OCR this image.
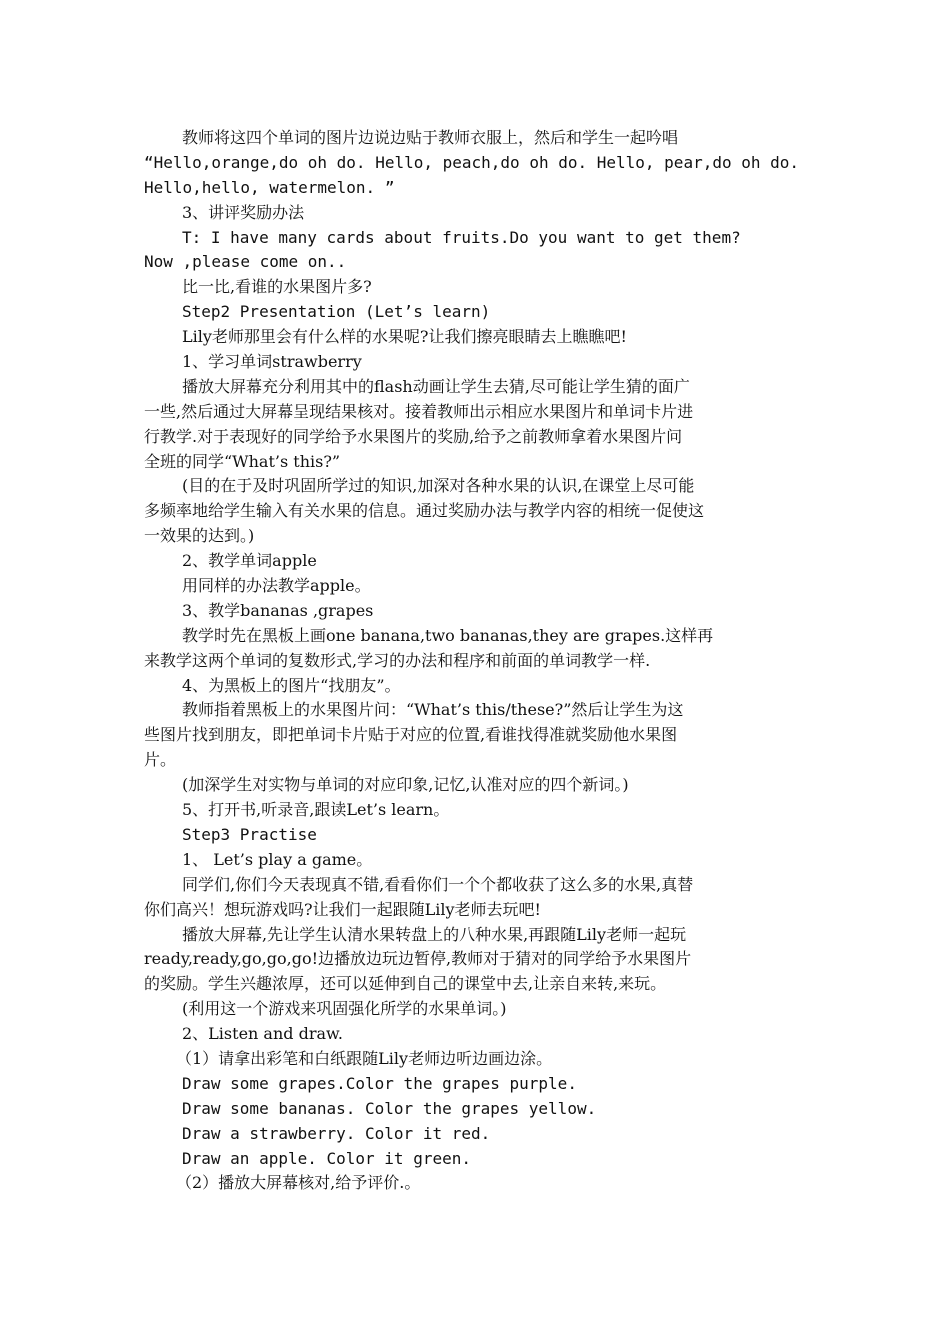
教师将这四个单词的图片边说边贴于教师衣服上，然后和学生一起吟唱
“Hello,orange,do oh do. Hello, peach,do oh do. Hello, pear,do oh do.
Hello,hello, watermelon. ”
3、讲评奖励办法
T: I have many cards about fruits.Do you want to get them?
Now ,please come on..
比一比,看谁的水果图片多?
Step2 Presentation (Let’s learn)
Lily老师那里会有什么样的水果呢?让我们擦亮眼睛去上瞧瞧吧!
1、学习单词strawberry
播放大屏幕充分利用其中的flash动画让学生去猜,尽可能让学生猜的面广
一些,然后通过大屏幕呈现结果核对。接着教师出示相应水果图片和单词卡片进
行教学.对于表现好的同学给予水果图片的奖励,给予之前教师拿着水果图片问
全班的同学“What’s this?”
(目的在于及时巩固所学过的知识,加深对各种水果的认识,在课堂上尽可能
多频率地给学生输入有关水果的信息。通过奖励办法与教学内容的相统一促使这
一效果的达到。)
2、教学单词apple
用同样的办法教学apple。
3、教学bananas ,grapes
教学时先在黑板上画one banana,two bananas,they are grapes.这样再
来教学这两个单词的复数形式,学习的办法和程序和前面的单词教学一样.
4、为黑板上的图片“找朋友”。
教师指着黑板上的水果图片问：“What’s this/these?”然后让学生为这
些图片找到朋友，即把单词卡片贴于对应的位置,看谁找得准就奖励他水果图
片。
(加深学生对实物与单词的对应印象,记忆,认准对应的四个新词。)
5、打开书,听录音,跟读Let’s learn。
Step3 Practise
1、 Let’s play a game。
同学们,你们今天表现真不错,看看你们一个个都收获了这么多的水果,真替
你们高兴！想玩游戏吗?让我们一起跟随Lily老师去玩吧!
播放大屏幕,先让学生认清水果转盘上的八种水果,再跟随Lily老师一起玩
ready,ready,go,go,go!边播放边玩边暂停,教师对于猜对的同学给予水果图片
的奖励。学生兴趣浓厚，还可以延伸到自己的课堂中去,让亲自来转,来玩。
(利用这一个游戏来巩固强化所学的水果单词。)
2、Listen and draw.
（1）请拿出彩笔和白纸跟随Lily老师边听边画边涂。
Draw some grapes.Color the grapes purple.
Draw some bananas. Color the grapes yellow.
Draw a strawberry. Color it red.
Draw an apple. Color it green.
（2）播放大屏幕核对,给予评价.。
